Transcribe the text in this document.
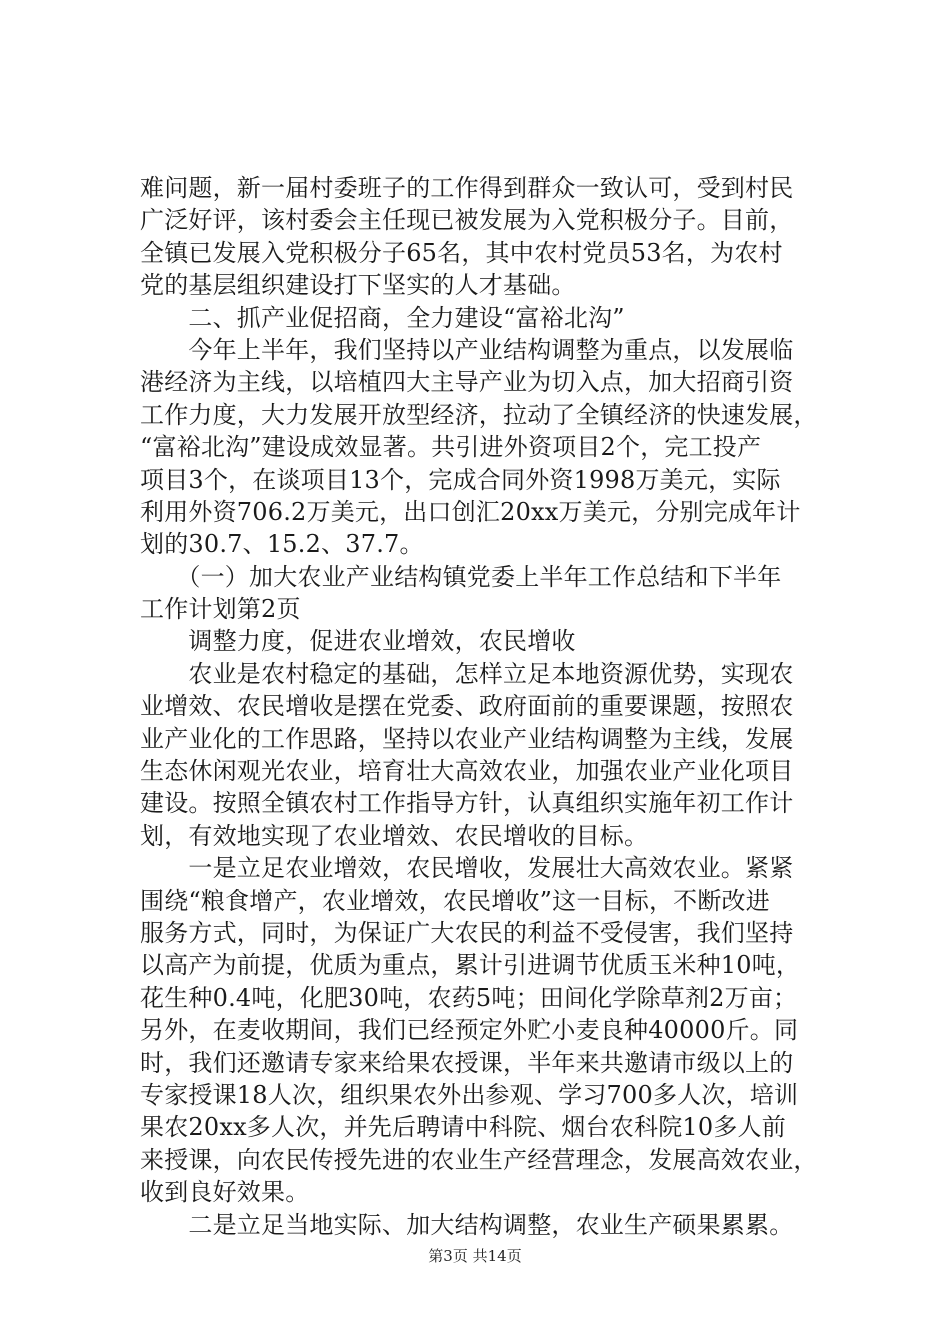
难问题，新一届村委班子的工作得到群众一致认可，受到村民
广泛好评，该村委会主任现已被发展为入党积极分子。目前，
全镇已发展入党积极分子65名，其中农村党员53名，为农村
党的基层组织建设打下坚实的人才基础。
　　二、抓产业促招商，全力建设“富裕北沟”
　　今年上半年，我们坚持以产业结构调整为重点，以发展临
港经济为主线，以培植四大主导产业为切入点，加大招商引资
工作力度，大力发展开放型经济，拉动了全镇经济的快速发展，
“富裕北沟”建设成效显著。共引进外资项目2个，完工投产
项目3个，在谈项目13个，完成合同外资1998万美元，实际
利用外资706.2万美元，出口创汇20xx万美元，分别完成年计
划的30.7、15.2、37.7。
　　（一）加大农业产业结构镇党委上半年工作总结和下半年
工作计划第2页
　　调整力度，促进农业增效，农民增收
　　农业是农村稳定的基础，怎样立足本地资源优势，实现农
业增效、农民增收是摆在党委、政府面前的重要课题，按照农
业产业化的工作思路，坚持以农业产业结构调整为主线，发展
生态休闲观光农业，培育壮大高效农业，加强农业产业化项目
建设。按照全镇农村工作指导方针，认真组织实施年初工作计
划，有效地实现了农业增效、农民增收的目标。
　　一是立足农业增效，农民增收，发展壮大高效农业。紧紧
围绕“粮食增产，农业增效，农民增收”这一目标，不断改进
服务方式，同时，为保证广大农民的利益不受侵害，我们坚持
以高产为前提，优质为重点，累计引进调节优质玉米种10吨，
花生种0.4吨，化肥30吨，农药5吨；田间化学除草剂2万亩；
另外，在麦收期间，我们已经预定外贮小麦良种40000斤。同
时，我们还邀请专家来给果农授课，半年来共邀请市级以上的
专家授课18人次，组织果农外出参观、学习700多人次，培训
果农20xx多人次，并先后聘请中科院、烟台农科院10多人前
来授课，向农民传授先进的农业生产经营理念，发展高效农业，
收到良好效果。
　　二是立足当地实际、加大结构调整，农业生产硕果累累。
第3页 共14页
